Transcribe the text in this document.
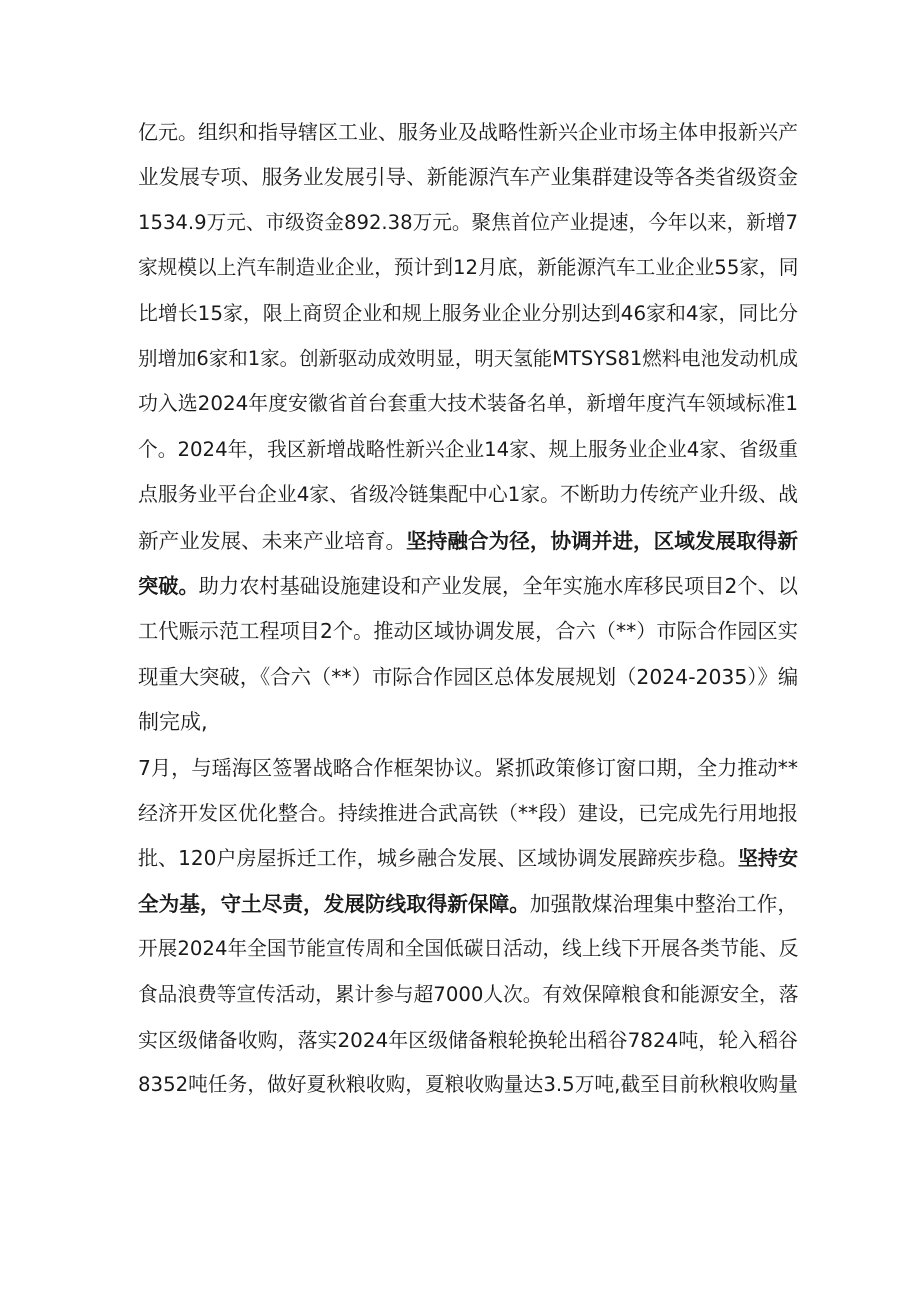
亿元。组织和指导辖区工业、服务业及战略性新兴企业市场主体申报新兴产
业发展专项、服务业发展引导、新能源汽车产业集群建设等各类省级资金
1534.9万元、市级资金892.38万元。聚焦首位产业提速，今年以来，新增7
家规模以上汽车制造业企业，预计到12月底，新能源汽车工业企业55家，同
比增长15家，限上商贸企业和规上服务业企业分别达到46家和4家，同比分
别增加6家和1家。创新驱动成效明显，明天氢能MTSYS81燃料电池发动机成
功入选2024年度安徽省首台套重大技术装备名单，新增年度汽车领域标准1
个。2024年，我区新增战略性新兴企业14家、规上服务业企业4家、省级重
点服务业平台企业4家、省级冷链集配中心1家。不断助力传统产业升级、战
新产业发展、未来产业培育。坚持融合为径，协调并进，区域发展取得新
突破。助力农村基础设施建设和产业发展，全年实施水库移民项目2个、以
工代赈示范工程项目2个。推动区域协调发展，合六（**）市际合作园区实
现重大突破，《合六（**）市际合作园区总体发展规划（2024-2035）》编
制完成,
7月，与瑶海区签署战略合作框架协议。紧抓政策修订窗口期，全力推动**
经济开发区优化整合。持续推进合武高铁（**段）建设，已完成先行用地报
批、120户房屋拆迁工作，城乡融合发展、区域协调发展蹄疾步稳。坚持安
全为基，守土尽责，发展防线取得新保障。加强散煤治理集中整治工作，
开展2024年全国节能宣传周和全国低碳日活动，线上线下开展各类节能、反
食品浪费等宣传活动，累计参与超7000人次。有效保障粮食和能源安全，落
实区级储备收购，落实2024年区级储备粮轮换轮出稻谷7824吨，轮入稻谷
8352吨任务，做好夏秋粮收购，夏粮收购量达3.5万吨,截至目前秋粮收购量
